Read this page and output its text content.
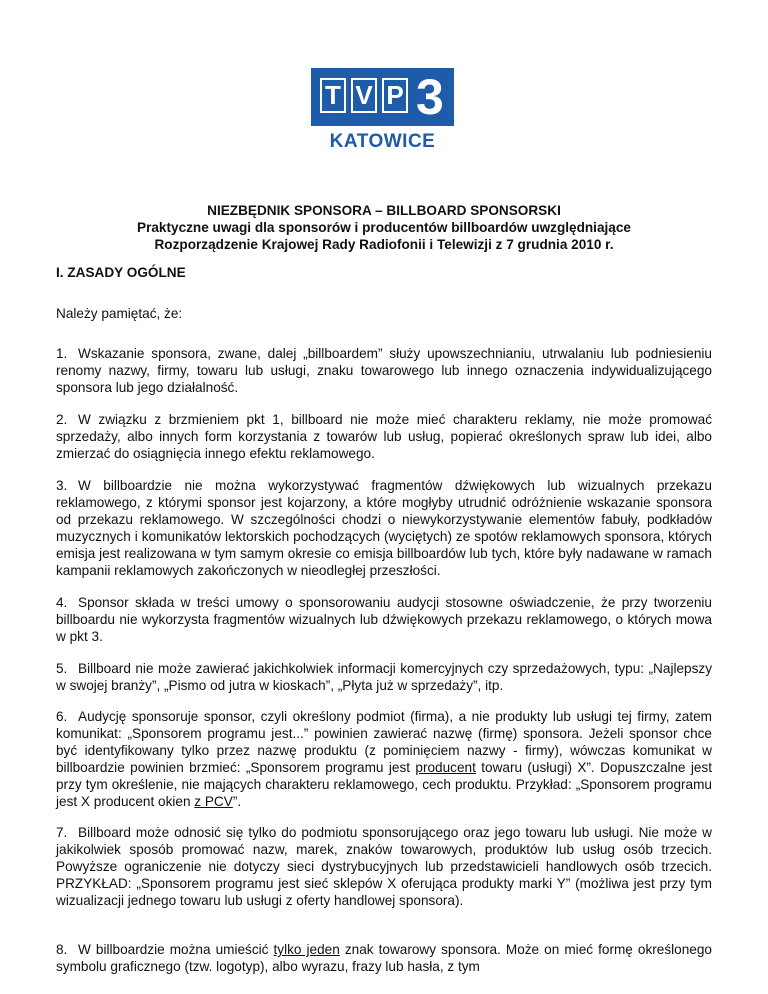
T V P 3
KATOWICE
NIEZBĘDNIK SPONSORA – BILLBOARD SPONSORSKI
Praktyczne uwagi dla sponsorów i producentów billboardów uwzględniające
Rozporządzenie Krajowej Rady Radiofonii i Telewizji z 7 grudnia 2010 r.
I. ZASADY OGÓLNE
Należy pamiętać, że:

1. Wskazanie sponsora, zwane, dalej „billboardem” służy upowszechnianiu, utrwalaniu lub podniesieniu renomy nazwy, firmy, towaru lub usługi, znaku towarowego lub innego oznaczenia indywidualizującego sponsora lub jego działalność.

2. W związku z brzmieniem pkt 1, billboard nie może mieć charakteru reklamy, nie może promować sprzedaży, albo innych form korzystania z towarów lub usług, popierać określonych spraw lub idei, albo zmierzać do osiągnięcia innego efektu reklamowego.

3. W billboardzie nie można wykorzystywać fragmentów dźwiękowych lub wizualnych przekazu reklamowego, z którymi sponsor jest kojarzony, a które mogłyby utrudnić odróżnienie wskazanie sponsora od przekazu reklamowego. W szczególności chodzi o niewykorzystywanie elementów fabuły, podkładów muzycznych i komunikatów lektorskich pochodzących (wyciętych) ze spotów reklamowych sponsora, których emisja jest realizowana w tym samym okresie co emisja billboardów lub tych, które były nadawane w ramach kampanii reklamowych zakończonych w nieodległej przeszłości.

4. Sponsor składa w treści umowy o sponsorowaniu audycji stosowne oświadczenie, że przy tworzeniu billboardu nie wykorzysta fragmentów wizualnych lub dźwiękowych przekazu reklamowego, o których mowa w pkt 3.

5. Billboard nie może zawierać jakichkolwiek informacji komercyjnych czy sprzedażowych, typu: „Najlepszy w swojej branży”, „Pismo od jutra w kioskach”, „Płyta już w sprzedaży”, itp.

6. Audycję sponsoruje sponsor, czyli określony podmiot (firma), a nie produkty lub usługi tej firmy, zatem komunikat: „Sponsorem programu jest...” powinien zawierać nazwę (firmę) sponsora. Jeżeli sponsor chce być identyfikowany tylko przez nazwę produktu (z pominięciem nazwy - firmy), wówczas komunikat w billboardzie powinien brzmieć: „Sponsorem programu jest producent towaru (usługi) X”. Dopuszczalne jest przy tym określenie, nie mających charakteru reklamowego, cech produktu. Przykład: „Sponsorem programu jest X producent okien z PCV”.

7. Billboard może odnosić się tylko do podmiotu sponsorującego oraz jego towaru lub usługi. Nie może w jakikolwiek sposób promować nazw, marek, znaków towarowych, produktów lub usług osób trzecich. Powyższe ograniczenie nie dotyczy sieci dystrybucyjnych lub przedstawicieli handlowych osób trzecich. PRZYKŁAD: „Sponsorem programu jest sieć sklepów X oferująca produkty marki Y” (możliwa jest przy tym wizualizacji jednego towaru lub usługi z oferty handlowej sponsora).

8. W billboardzie można umieścić tylko jeden znak towarowy sponsora. Może on mieć formę określonego symbolu graficznego (tzw. logotyp), albo wyrazu, frazy lub hasła, z tym
